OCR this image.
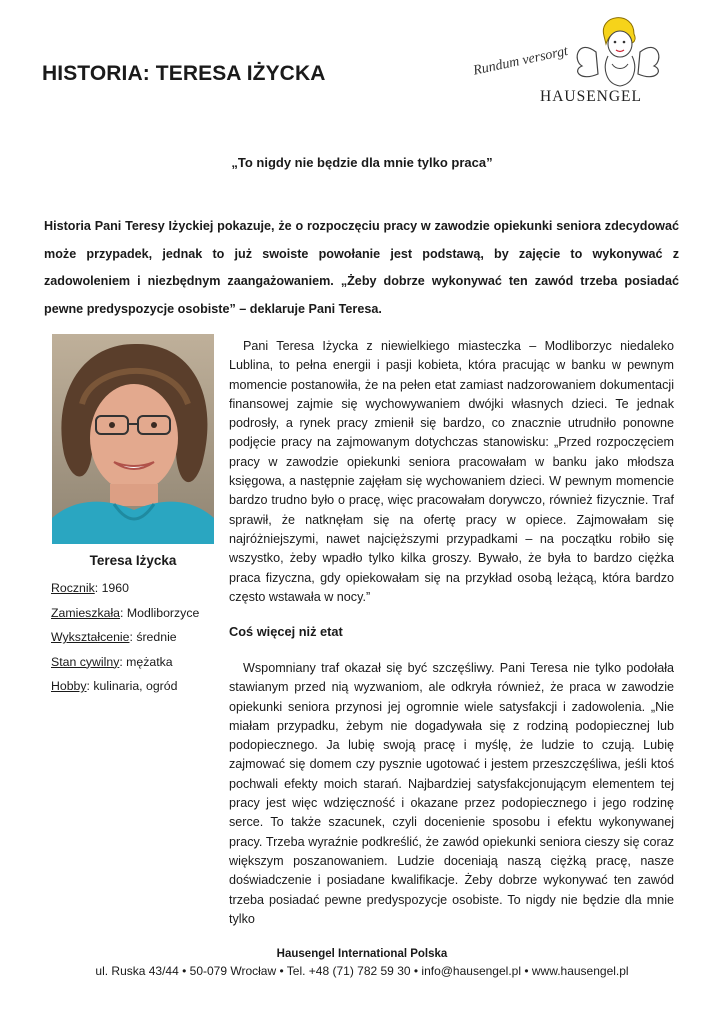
HISTORIA: TERESA IŻYCKA	Rundum versorgt
HAUSENGEL
„To nigdy nie będzie dla mnie tylko praca”
Historia Pani Teresy Iżyckiej pokazuje, że o rozpoczęciu pracy w zawodzie opiekunki seniora zdecydować może przypadek, jednak to już swoiste powołanie jest podstawą, by zajęcie to wykonywać z zadowoleniem i niezbędnym zaangażowaniem. „Żeby dobrze wykonywać ten zawód trzeba posiadać pewne predyspozycje osobiste” – deklaruje Pani Teresa.
Teresa Iżycka
Rocznik: 1960
Zamieszkała: Modliborzyce
Wykształcenie: średnie
Stan cywilny: mężatka
Hobby: kulinaria, ogród
Pani Teresa Iżycka z niewielkiego miasteczka – Modliborzyc niedaleko Lublina, to pełna energii i pasji kobieta, która pracując w banku w pewnym momencie postanowiła, że na pełen etat zamiast nadzorowaniem dokumentacji finansowej zajmie się wychowywaniem dwójki własnych dzieci. Te jednak podrosły, a rynek pracy zmienił się bardzo, co znacznie utrudniło ponowne podjęcie pracy na zajmowanym dotychczas stanowisku: „Przed rozpoczęciem pracy w zawodzie opiekunki seniora pracowałam w banku jako młodsza księgowa, a następnie zajęłam się wychowaniem dzieci. W pewnym momencie bardzo trudno było o pracę, więc pracowałam dorywczo, również fizycznie. Traf sprawił, że natknęłam się na ofertę pracy w opiece. Zajmowałam się najróżniejszymi, nawet najcięższymi przypadkami – na początku robiło się wszystko, żeby wpadło tylko kilka groszy. Bywało, że była to bardzo ciężka praca fizyczna, gdy opiekowałam się na przykład osobą leżącą, która bardzo często wstawała w nocy.”
Coś więcej niż etat
Wspomniany traf okazał się być szczęśliwy. Pani Teresa nie tylko podołała stawianym przed nią wyzwaniom, ale odkryła również, że praca w zawodzie opiekunki seniora przynosi jej ogromnie wiele satysfakcji i zadowolenia. „Nie miałam przypadku, żebym nie dogadywała się z rodziną podopiecznej lub podopiecznego. Ja lubię swoją pracę i myślę, że ludzie to czują. Lubię zajmować się domem czy pysznie ugotować i jestem przeszczęśliwa, jeśli ktoś pochwali efekty moich starań. Najbardziej satysfakcjonującym elementem tej pracy jest więc wdzięczność i okazane przez podopiecznego i jego rodzinę serce. To także szacunek, czyli docenienie sposobu i efektu wykonywanej pracy. Trzeba wyraźnie podkreślić, że zawód opiekunki seniora cieszy się coraz większym poszanowaniem. Ludzie doceniają naszą ciężką pracę, nasze doświadczenie i posiadane kwalifikacje. Żeby dobrze wykonywać ten zawód trzeba posiadać pewne predyspozycje osobiste. To nigdy nie będzie dla mnie tylko
Hausengel International Polska
ul. Ruska 43/44 • 50-079 Wrocław • Tel. +48 (71) 782 59 30 • info@hausengel.pl • www.hausengel.pl
